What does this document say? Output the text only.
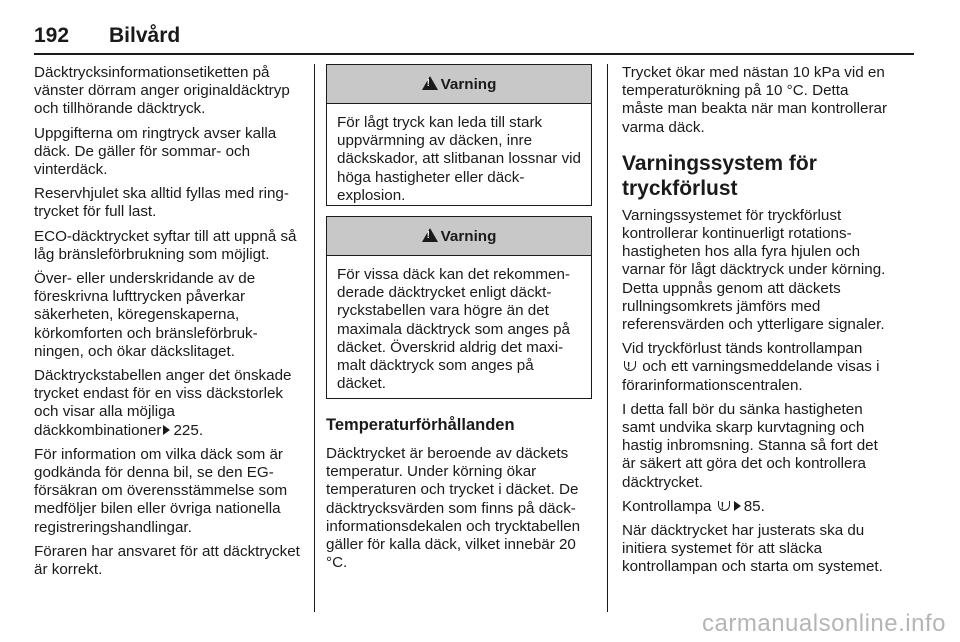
192 Bilvård

Däcktrycksinformationsetiketten på vänster dörram anger originaldäcktryp och tillhörande däcktryck.

Uppgifterna om ringtryck avser kalla däck. De gäller för sommar- och vinterdäck.

Reservhjulet ska alltid fyllas med ringtrycket för full last.

ECO-däcktrycket syftar till att uppnå så låg bränsleförbrukning som möjligt.

Över- eller underskridande av de föreskrivna lufttrycken påverkar säkerheten, köregenskaperna, körkomforten och bränsleförbrukningen, och ökar däckslitaget.

Däcktryckstabellen anger det önskade trycket endast för en viss däckstorlek och visar alla möjliga däckkombinationer 225.

För information om vilka däck som är godkända för denna bil, se den EG-försäkran om överensstämmelse som medföljer bilen eller övriga nationella registreringshandlingar.

Föraren har ansvaret för att däcktrycket är korrekt.

!
Varning

För lågt tryck kan leda till stark uppvärmning av däcken, inre däckskador, att slitbanan lossnar vid höga hastigheter eller däckexplosion.

!
Varning

För vissa däck kan det rekommenderade däcktrycket enligt däcktryckstabellen vara högre än det maximala däcktryck som anges på däcket. Överskrid aldrig det maximalt däcktryck som anges på däcket.

Temperaturförhållanden

Däcktrycket är beroende av däckets temperatur. Under körning ökar temperaturen och trycket i däcket. De däcktrycksvärden som finns på däckinformationsdekalen och trycktabellen gäller för kalla däck, vilket innebär 20 °C.

Trycket ökar med nästan 10 kPa vid en temperaturökning på 10 °C. Detta måste man beakta när man kontrollerar varma däck.

Varningssystem för tryckförlust

Varningssystemet för tryckförlust kontrollerar kontinuerligt rotationshastigheten hos alla fyra hjulen och varnar för lågt däcktryck under körning. Detta uppnås genom att däckets rullningsomkrets jämförs med referensvärden och ytterligare signaler.

Vid tryckförlust tänds kontrollampan
! och ett varningsmeddelande visas i förarinformationscentralen.

I detta fall bör du sänka hastigheten samt undvika skarp kurvtagning och hastig inbromsning. Stanna så fort det är säkert att göra det och kontrollera däcktrycket.

Kontrollampa ! 85.

När däcktrycket har justerats ska du initiera systemet för att släcka kontrollampan och starta om systemet.

carmanualsonline.info
